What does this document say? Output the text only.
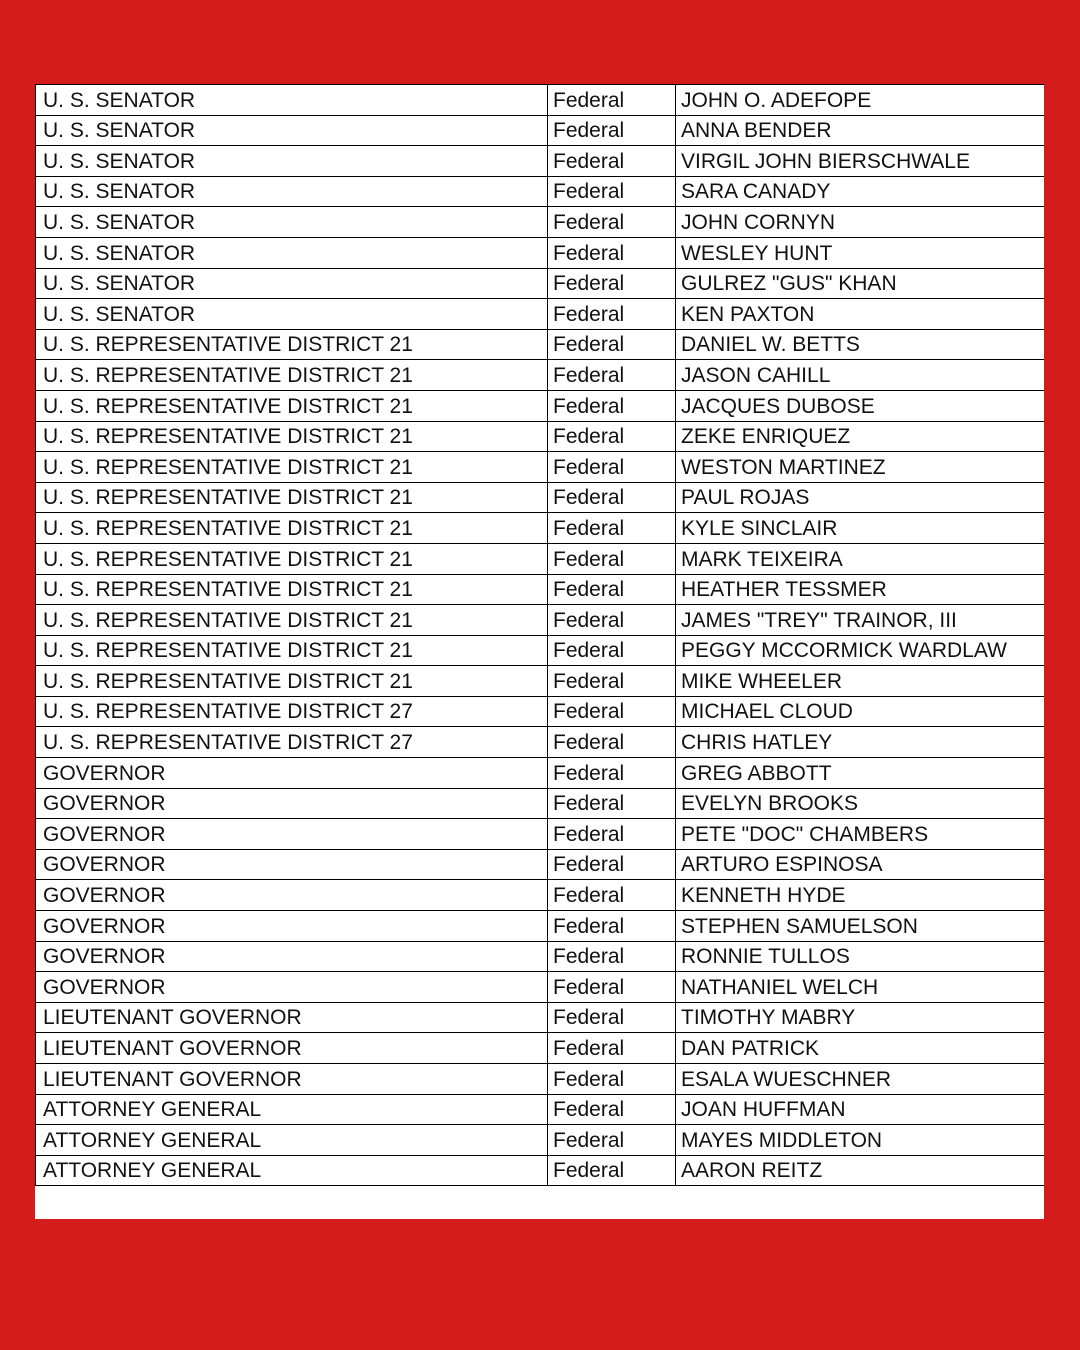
U. S. SENATOR	Federal	JOHN O. ADEFOPE
U. S. SENATOR	Federal	ANNA BENDER
U. S. SENATOR	Federal	VIRGIL JOHN BIERSCHWALE
U. S. SENATOR	Federal	SARA CANADY
U. S. SENATOR	Federal	JOHN CORNYN
U. S. SENATOR	Federal	WESLEY HUNT
U. S. SENATOR	Federal	GULREZ "GUS" KHAN
U. S. SENATOR	Federal	KEN PAXTON
U. S. REPRESENTATIVE DISTRICT 21	Federal	DANIEL W. BETTS
U. S. REPRESENTATIVE DISTRICT 21	Federal	JASON CAHILL
U. S. REPRESENTATIVE DISTRICT 21	Federal	JACQUES DUBOSE
U. S. REPRESENTATIVE DISTRICT 21	Federal	ZEKE ENRIQUEZ
U. S. REPRESENTATIVE DISTRICT 21	Federal	WESTON MARTINEZ
U. S. REPRESENTATIVE DISTRICT 21	Federal	PAUL ROJAS
U. S. REPRESENTATIVE DISTRICT 21	Federal	KYLE SINCLAIR
U. S. REPRESENTATIVE DISTRICT 21	Federal	MARK TEIXEIRA
U. S. REPRESENTATIVE DISTRICT 21	Federal	HEATHER TESSMER
U. S. REPRESENTATIVE DISTRICT 21	Federal	JAMES "TREY" TRAINOR, III
U. S. REPRESENTATIVE DISTRICT 21	Federal	PEGGY MCCORMICK WARDLAW
U. S. REPRESENTATIVE DISTRICT 21	Federal	MIKE WHEELER
U. S. REPRESENTATIVE DISTRICT 27	Federal	MICHAEL CLOUD
U. S. REPRESENTATIVE DISTRICT 27	Federal	CHRIS HATLEY
GOVERNOR	Federal	GREG ABBOTT
GOVERNOR	Federal	EVELYN BROOKS
GOVERNOR	Federal	PETE "DOC" CHAMBERS
GOVERNOR	Federal	ARTURO ESPINOSA
GOVERNOR	Federal	KENNETH HYDE
GOVERNOR	Federal	STEPHEN SAMUELSON
GOVERNOR	Federal	RONNIE TULLOS
GOVERNOR	Federal	NATHANIEL WELCH
LIEUTENANT GOVERNOR	Federal	TIMOTHY MABRY
LIEUTENANT GOVERNOR	Federal	DAN PATRICK
LIEUTENANT GOVERNOR	Federal	ESALA WUESCHNER
ATTORNEY GENERAL	Federal	JOAN HUFFMAN
ATTORNEY GENERAL	Federal	MAYES MIDDLETON
ATTORNEY GENERAL	Federal	AARON REITZ
